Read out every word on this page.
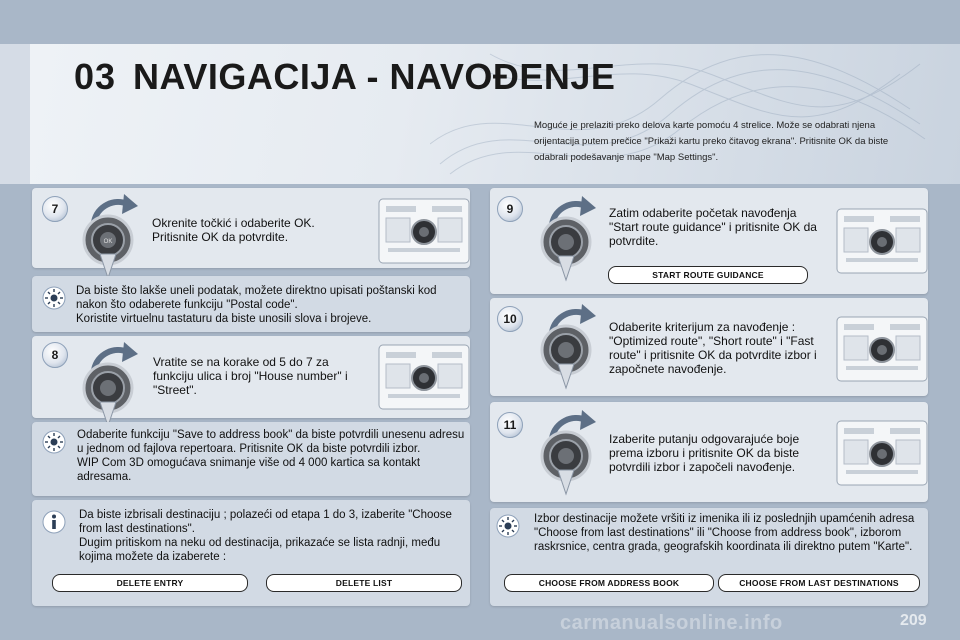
03 NAVIGACIJA - NAVOĐENJE
Moguće je prelaziti preko delova karte pomoću 4 strelice. Može se odabrati njena orijentacija putem prečice "Prikaži kartu preko čitavog ekrana". Pritisnite OK da biste odabrali podešavanje mape "Map Settings".
7
OK
Okrenite točkić i odaberite OK. Pritisnite OK da potvrdite.
Da biste što lakše uneli podatak, možete direktno upisati poštanski kod nakon što odaberete funkciju "Postal code".
Koristite virtuelnu tastaturu da biste unosili slova i brojeve.
8	Vratite se na korake od 5 do 7 za funkciju ulica i broj "House number" i "Street".
Odaberite funkciju "Save to address book" da biste potvrdili unesenu adresu u jednom od fajlova repertoara. Pritisnite OK da biste potvrdili izbor.
WIP Com 3D omogućava snimanje više od 4 000 kartica sa kontakt adresama.
Da biste izbrisali destinaciju ; polazeći od etapa 1 do 3, izaberite "Choose from last destinations".
Dugim pritiskom na neku od destinacija, prikazaće se lista radnji, među kojima možete da izaberete :
DELETE ENTRY	DELETE LIST
9	Zatim odaberite početak navođenja "Start route guidance" i pritisnite OK da potvrdite.
START ROUTE GUIDANCE
10
Odaberite kriterijum za navođenje : "Optimized route", "Short route" i "Fast route" i pritisnite OK da potvrdite izbor i započnete navođenje.
11
Izaberite putanju odgovarajuće boje prema izboru i pritisnite OK da biste potvrdili izbor i započeli navođenje.
Izbor destinacije možete vršiti iz imenika ili iz poslednjih upamćenih adresa "Choose from last destinations" ili "Choose from address book", izborom raskrsnice, centra grada, geografskih koordinata ili direktno putem "Karte".
CHOOSE FROM ADDRESS BOOK	CHOOSE FROM LAST DESTINATIONS
carmanualsonline.info	209
